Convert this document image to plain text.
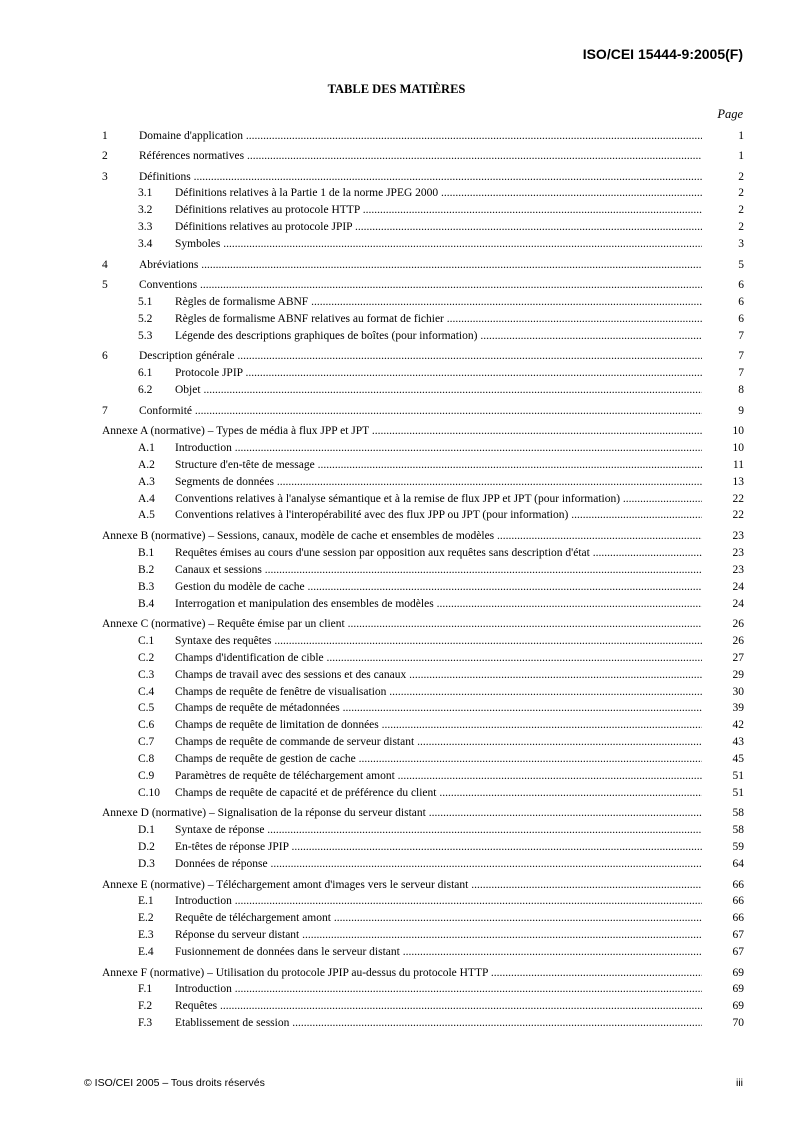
ISO/CEI 15444-9:2005(F)
TABLE DES MATIÈRES
Page
1	Domaine d'application .....	1
2	Références normatives .....	1
3	Définitions .....	2
3.1 Définitions relatives à la Partie 1 de la norme JPEG 2000 .....	2
3.2 Définitions relatives au protocole HTTP .....	2
3.3 Définitions relatives au protocole JPIP .....	2
3.4 Symboles .....	3
4	Abréviations .....	5
5	Conventions .....	6
5.1 Règles de formalisme ABNF .....	6
5.2 Règles de formalisme ABNF relatives au format de fichier .....	6
5.3 Légende des descriptions graphiques de boîtes (pour information) .....	7
6	Description générale .....	7
6.1 Protocole JPIP .....	7
6.2 Objet .....	8
7	Conformité .....	9
Annexe A (normative) – Types de média à flux JPP et JPT .....	10
A.1 Introduction .....	10
A.2 Structure d'en-tête de message .....	11
A.3 Segments de données .....	13
A.4 Conventions relatives à l'analyse sémantique et à la remise de flux JPP et JPT (pour information) .....	22
A.5 Conventions relatives à l'interopérabilité avec des flux JPP ou JPT (pour information) .....	22
Annexe B (normative) – Sessions, canaux, modèle de cache et ensembles de modèles .....	23
B.1 Requêtes émises au cours d'une session par opposition aux requêtes sans description d'état .....	23
B.2 Canaux et sessions .....	23
B.3 Gestion du modèle de cache .....	24
B.4 Interrogation et manipulation des ensembles de modèles .....	24
Annexe C (normative) – Requête émise par un client .....	26
C.1 Syntaxe des requêtes .....	26
C.2 Champs d'identification de cible .....	27
C.3 Champs de travail avec des sessions et des canaux .....	29
C.4 Champs de requête de fenêtre de visualisation .....	30
C.5 Champs de requête de métadonnées .....	39
C.6 Champs de requête de limitation de données .....	42
C.7 Champs de requête de commande de serveur distant .....	43
C.8 Champs de requête de gestion de cache .....	45
C.9 Paramètres de requête de téléchargement amont .....	51
C.10 Champs de requête de capacité et de préférence du client .....	51
Annexe D (normative) – Signalisation de la réponse du serveur distant .....	58
D.1 Syntaxe de réponse .....	58
D.2 En-têtes de réponse JPIP .....	59
D.3 Données de réponse .....	64
Annexe E (normative) – Téléchargement amont d'images vers le serveur distant .....	66
E.1 Introduction .....	66
E.2 Requête de téléchargement amont .....	66
E.3 Réponse du serveur distant .....	67
E.4 Fusionnement de données dans le serveur distant .....	67
Annexe F (normative) – Utilisation du protocole JPIP au-dessus du protocole HTTP .....	69
F.1 Introduction .....	69
F.2 Requêtes .....	69
F.3 Etablissement de session .....	70
© ISO/CEI 2005 – Tous droits réservés	iii
